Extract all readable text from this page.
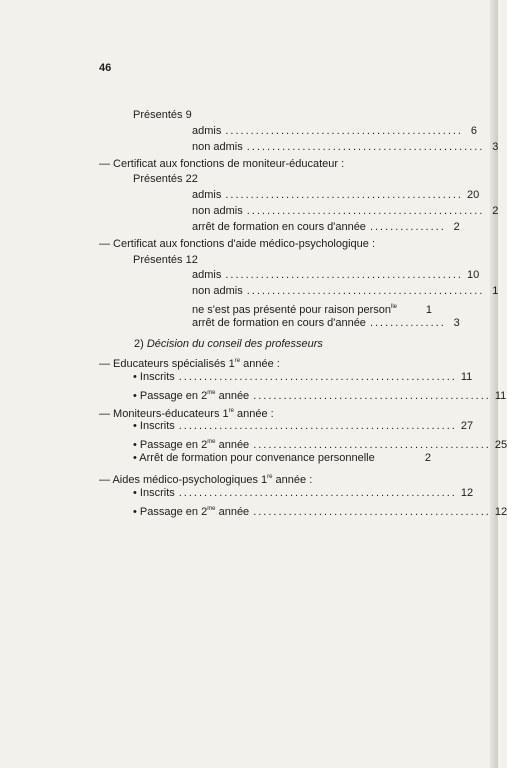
46
Présentés 9
admis ............................................... 6
non admis ............................................... 3
— Certificat aux fonctions de moniteur-éducateur :
Présentés 22
admis ............................................... 20
non admis ............................................... 2
arrêt de formation en cours d'année ............... 2
— Certificat aux fonctions d'aide médico-psychologique :
Présentés 12
admis ............................................... 10
non admis ............................................... 1
ne s'est pas présenté pour raison person$^{lle}$	1
arrêt de formation en cours d'année ............... 3
2) Décision du conseil des professeurs
— Educateurs spécialisés 1re année :
• Inscrits ....................................................... 11
• Passage en $2^{me}$ année ............................................... 11
— Moniteurs-éducateurs 1re année :
• Inscrits ....................................................... 27
• Passage en $2^{me}$ année ............................................... 25
• Arrêt de formation pour convenance personnelle	2
— Aides médico-psychologiques 1re année :
• Inscrits ....................................................... 12
• Passage en $2^{me}$ année ............................................... 12
